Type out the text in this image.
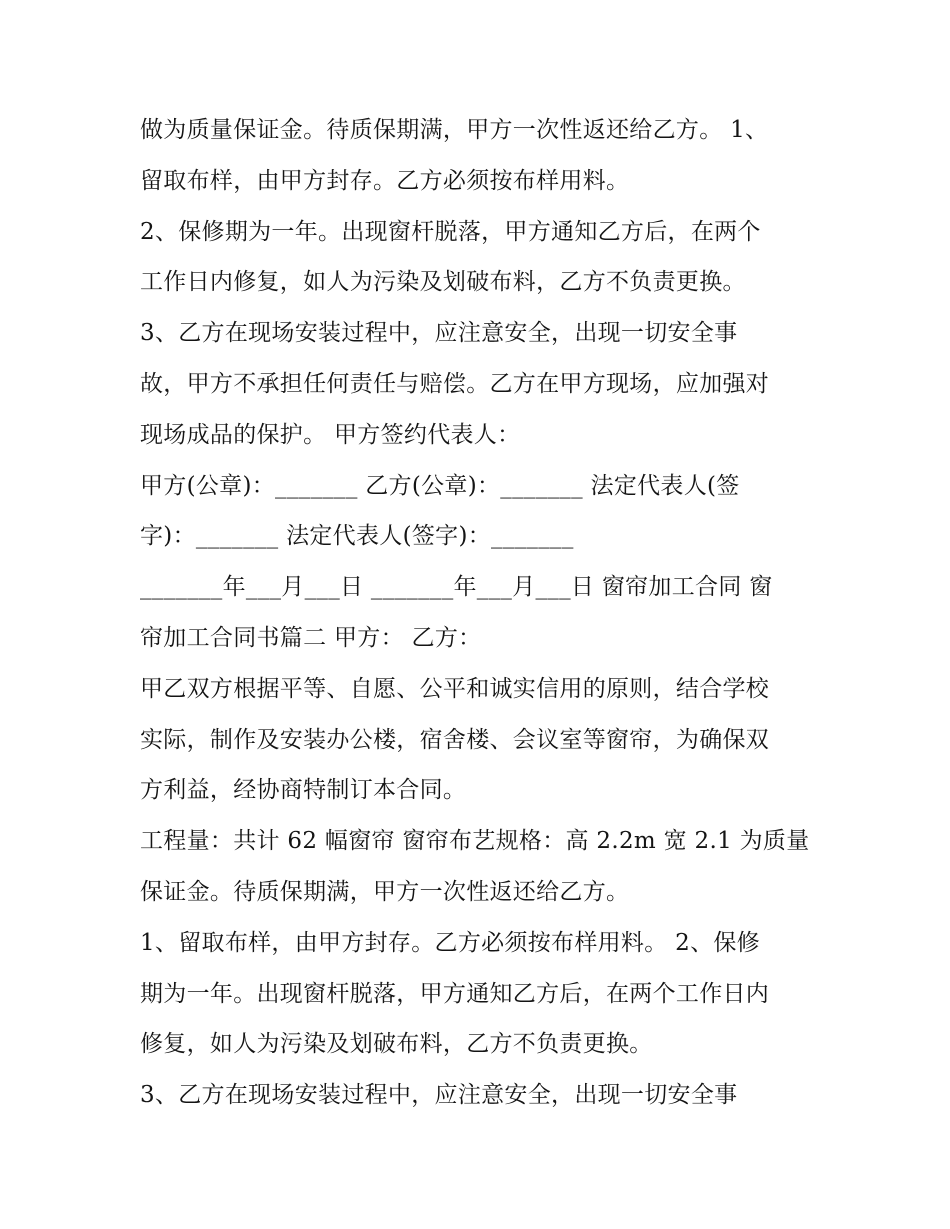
做为质量保证金。待质保期满，甲方一次性返还给乙方。 1、
留取布样，由甲方封存。乙方必须按布样用料。
2、保修期为一年。出现窗杆脱落，甲方通知乙方后，在两个
工作日内修复，如人为污染及划破布料，乙方不负责更换。
3、乙方在现场安装过程中，应注意安全，出现一切安全事
故，甲方不承担任何责任与赔偿。乙方在甲方现场，应加强对
现场成品的保护。 甲方签约代表人：
甲方(公章)：_______ 乙方(公章)：_______ 法定代表人(签
字)：_______ 法定代表人(签字)：_______
_______年___月___日 _______年___月___日 窗帘加工合同 窗
帘加工合同书篇二 甲方： 乙方：
甲乙双方根据平等、自愿、公平和诚实信用的原则，结合学校
实际，制作及安装办公楼，宿舍楼、会议室等窗帘，为确保双
方利益，经协商特制订本合同。
工程量：共计 62 幅窗帘 窗帘布艺规格：高 2.2m 宽 2.1 为质量
保证金。待质保期满，甲方一次性返还给乙方。
1、留取布样，由甲方封存。乙方必须按布样用料。 2、保修
期为一年。出现窗杆脱落，甲方通知乙方后，在两个工作日内
修复，如人为污染及划破布料，乙方不负责更换。
3、乙方在现场安装过程中，应注意安全，出现一切安全事
